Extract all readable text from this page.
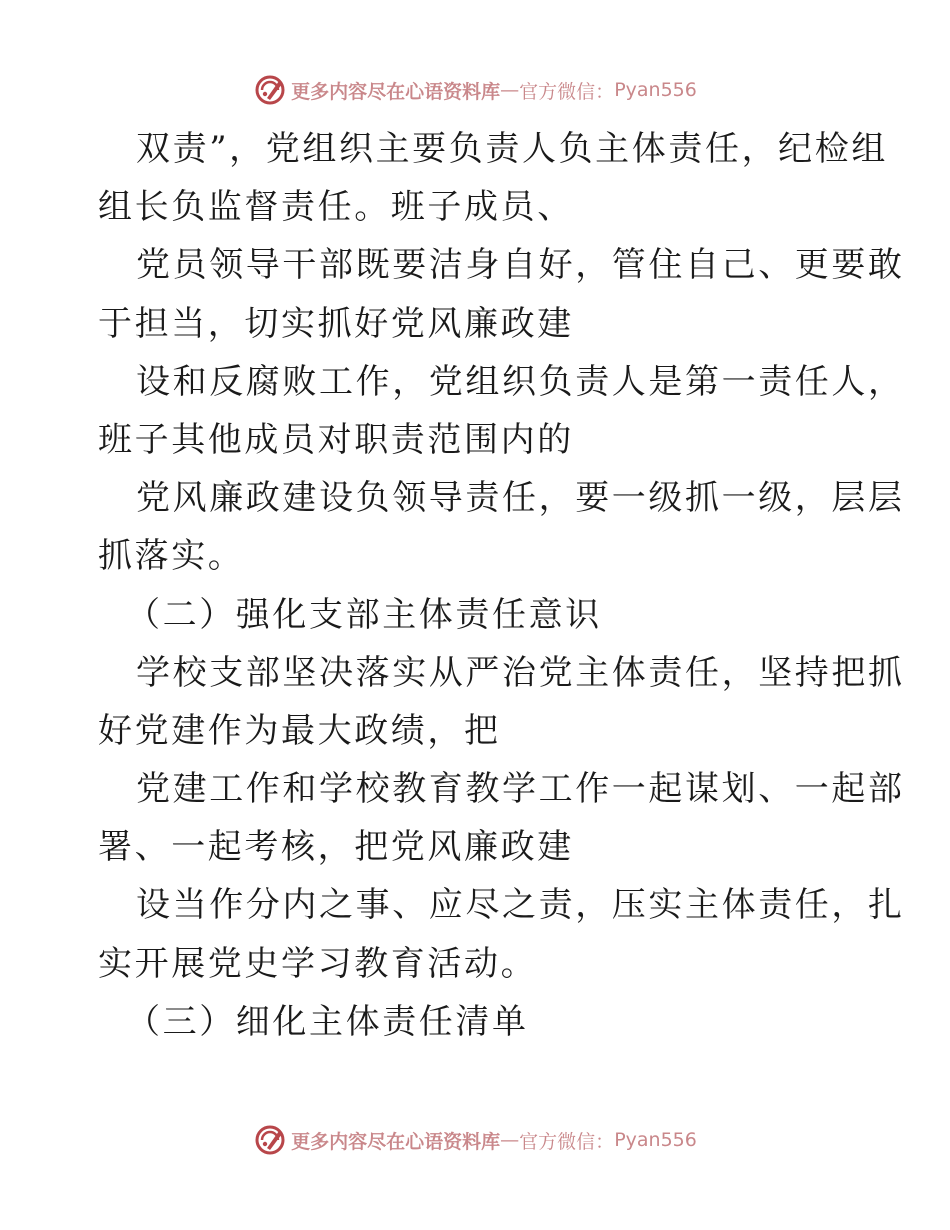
更多内容尽在心语资料库 — 官方微信： Pyan556
双责”，党组织主要负责人负主体责任，纪检组
组长负监督责任。班子成员、
党员领导干部既要洁身自好，管住自己、更要敢
于担当，切实抓好党风廉政建
设和反腐败工作，党组织负责人是第一责任人，
班子其他成员对职责范围内的
党风廉政建设负领导责任，要一级抓一级，层层
抓落实。
（二）强化支部主体责任意识
学校支部坚决落实从严治党主体责任，坚持把抓
好党建作为最大政绩，把
党建工作和学校教育教学工作一起谋划、一起部
署、一起考核，把党风廉政建
设当作分内之事、应尽之责，压实主体责任，扎
实开展党史学习教育活动。
（三）细化主体责任清单
更多内容尽在心语资料库 — 官方微信： Pyan556
